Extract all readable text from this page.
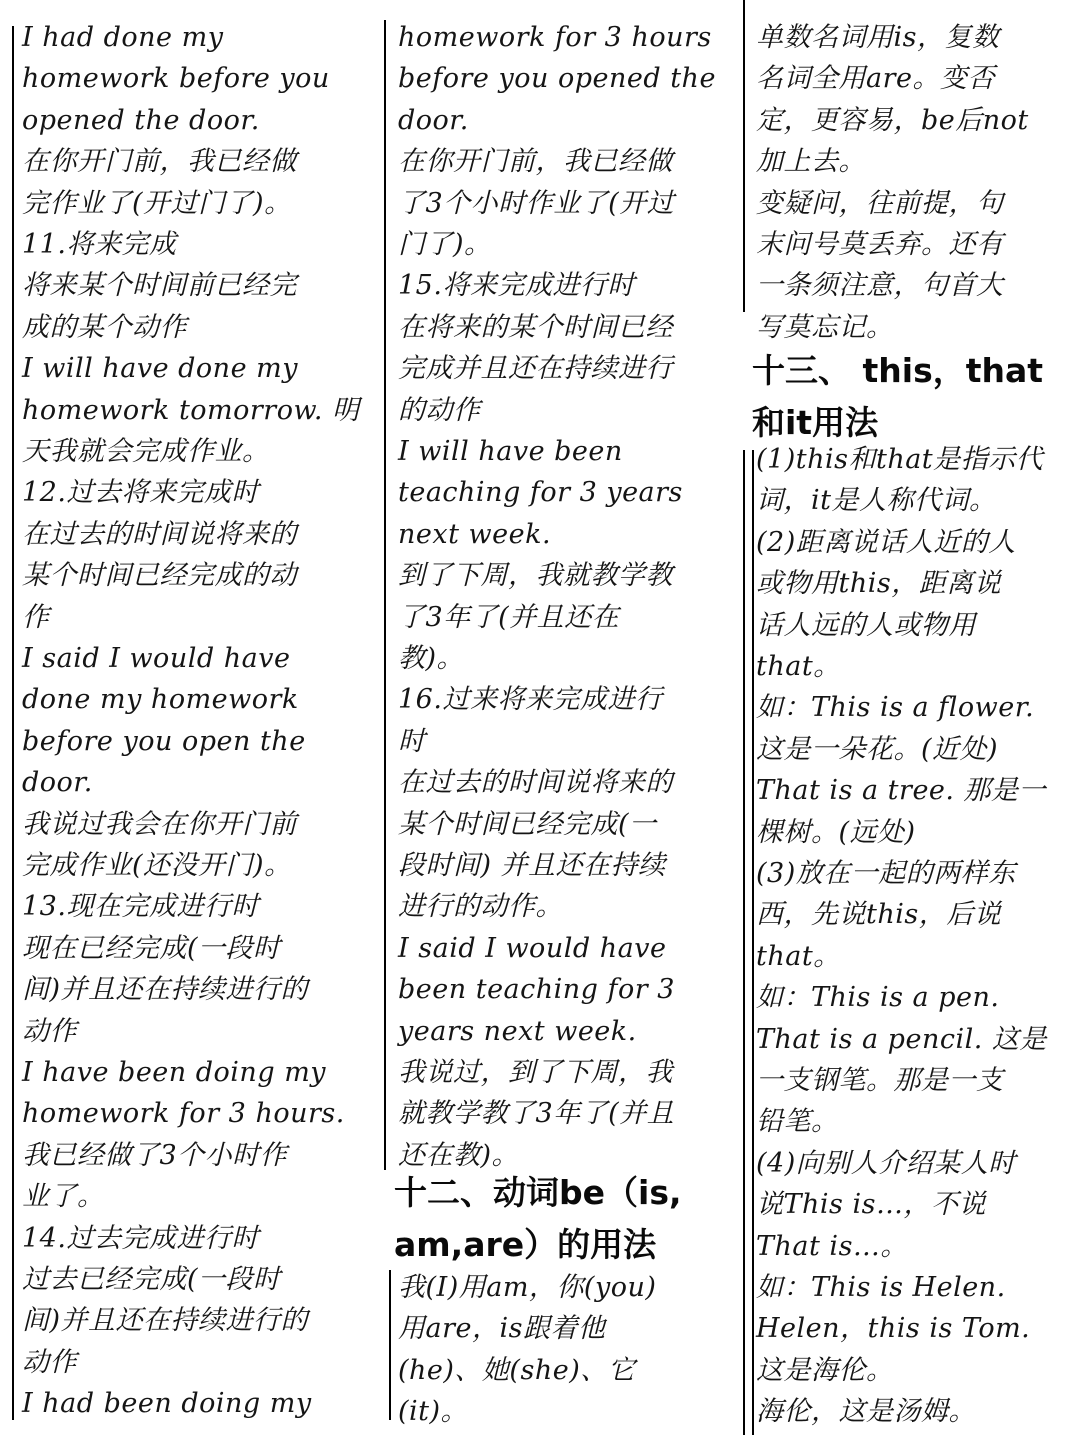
I had done my
homework before you
opened the door.
在你开门前，我已经做
完作业了(开过门了)。
11.将来完成
将来某个时间前已经完
成的某个动作
I will have done my
homework tomorrow. 明
天我就会完成作业。
12.过去将来完成时
在过去的时间说将来的
某个时间已经完成的动
作
I said I would have
done my homework
before you open the
door.
我说过我会在你开门前
完成作业(还没开门)。
13.现在完成进行时
现在已经完成(一段时
间)并且还在持续进行的
动作
I have been doing my
homework for 3 hours.
我已经做了3个小时作
业了。
14.过去完成进行时
过去已经完成(一段时
间)并且还在持续进行的
动作
I had been doing my
homework for 3 hours
before you opened the
door.
在你开门前，我已经做
了3个小时作业了(开过
门了)。
15.将来完成进行时
在将来的某个时间已经
完成并且还在持续进行
的动作
I will have been
teaching for 3 years
next week.
到了下周，我就教学教
了3年了(并且还在
教)。
16.过来将来完成进行
时
在过去的时间说将来的
某个时间已经完成(一
段时间) 并且还在持续
进行的动作。
I said I would have
been teaching for 3
years next week.
我说过，到了下周，我
就教学教了3年了(并且
还在教)。
十二、动词be（is,
am,are）的用法
我(I)用am，你(you)
用are，is跟着他
(he)、她(she)、它
(it)。
单数名词用is，复数
名词全用are。变否
定，更容易，be后not
加上去。
变疑问，往前提，句
末问号莫丢弃。还有
一条须注意，句首大
写莫忘记。
十三、 this，that
和it用法
(1)this和that是指示代
词，it是人称代词。
(2)距离说话人近的人
或物用this，距离说
话人远的人或物用
that。
如：This is a flower.
这是一朵花。(近处)
That is a tree. 那是一
棵树。(远处)
(3)放在一起的两样东
西，先说this，后说
that。
如：This is a pen.
That is a pencil. 这是
一支钢笔。那是一支
铅笔。
(4)向别人介绍某人时
说This is…，不说
That is…。
如：This is Helen.
Helen，this is Tom.
这是海伦。
海伦，这是汤姆。
